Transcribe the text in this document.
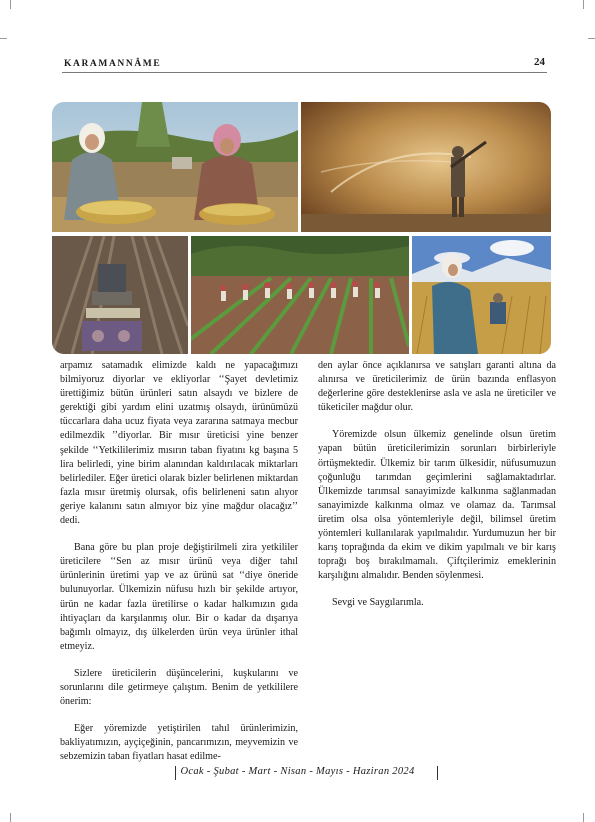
KARAMANNÂME	24

arpamız satamadık elimizde kaldı ne yapacağımızı bilmiyoruz diyorlar ve ekliyorlar ‘‘Şayet devletimiz ürettiğimiz bütün ürünleri satın alsaydı ve bizlere de gerektiği gibi yardım elini uzatmış olsaydı, ürünümüzü tüccarlara daha ucuz fiyata veya zararına satmaya mecbur edilmezdik ’’diyorlar. Bir mısır üreticisi yine benzer şekilde ‘‘Yetkililerimiz mısırın taban fiyatını kg başına 5 lira belirledi, yine birim alanından kaldırılacak miktarları belirlediler. Eğer üretici olarak bizler belirlenen miktardan fazla mısır üretmiş olursak, ofis belirleneni satın alıyor geriye kalanını satın almıyor biz yine mağdur olacağız’’ dedi.

Bana göre bu plan proje değiştirilmeli zira yetkililer üreticilere ‘‘Sen az mısır ürünü veya diğer tahıl ürünlerinin üretimi yap ve az ürünü sat ‘‘diye öneride bulunuyorlar. Ülkemizin nüfusu hızlı bir şekilde artıyor, ürün ne kadar fazla üretilirse o kadar halkımızın gıda ihtiyaçları da karşılanmış olur. Bir o kadar da dışarıya bağımlı olmayız, dış ülkelerden ürün veya ürünler ithal etmeyiz.

Sizlere üreticilerin düşüncelerini, kuşkularını ve sorunlarını dile getirmeye çalıştım. Benim de yetkililere önerim:

Eğer yöremizde yetiştirilen tahıl ürünlerimizin, bakliyatımızın, ayçiçeğinin, pancarımızın, meyvemizin ve sebzemizin taban fiyatları hasat edilme-

den aylar önce açıklanırsa ve satışları garanti altına da alınırsa ve üreticilerimiz de ürün bazında enflasyon değerlerine göre desteklenirse asla ve asla ne üreticiler ve tüketiciler mağdur olur.

Yöremizde olsun ülkemiz genelinde olsun üretim yapan bütün üreticilerimizin sorunları birbirleriyle örtüşmektedir. Ülkemiz bir tarım ülkesidir, nüfusumuzun çoğunluğu tarımdan geçimlerini sağlamaktadırlar. Ülkemizde tarımsal sanayimizde kalkınma sağlanmadan sanayimizde kalkınma olmaz ve olamaz da. Tarımsal üretim olsa olsa yöntemleriyle değil, bilimsel üretim yöntemleri kullanılarak yapılmalıdır. Yurdumuzun her bir karış toprağında da ekim ve dikim yapılmalı ve bir karış toprağı boş bırakılmamalı. Çiftçilerimiz emeklerinin karşılığını almalıdır. Benden söylenmesi.

Sevgi ve Saygılarımla.

Ocak - Şubat - Mart - Nisan - Mayıs - Haziran 2024
